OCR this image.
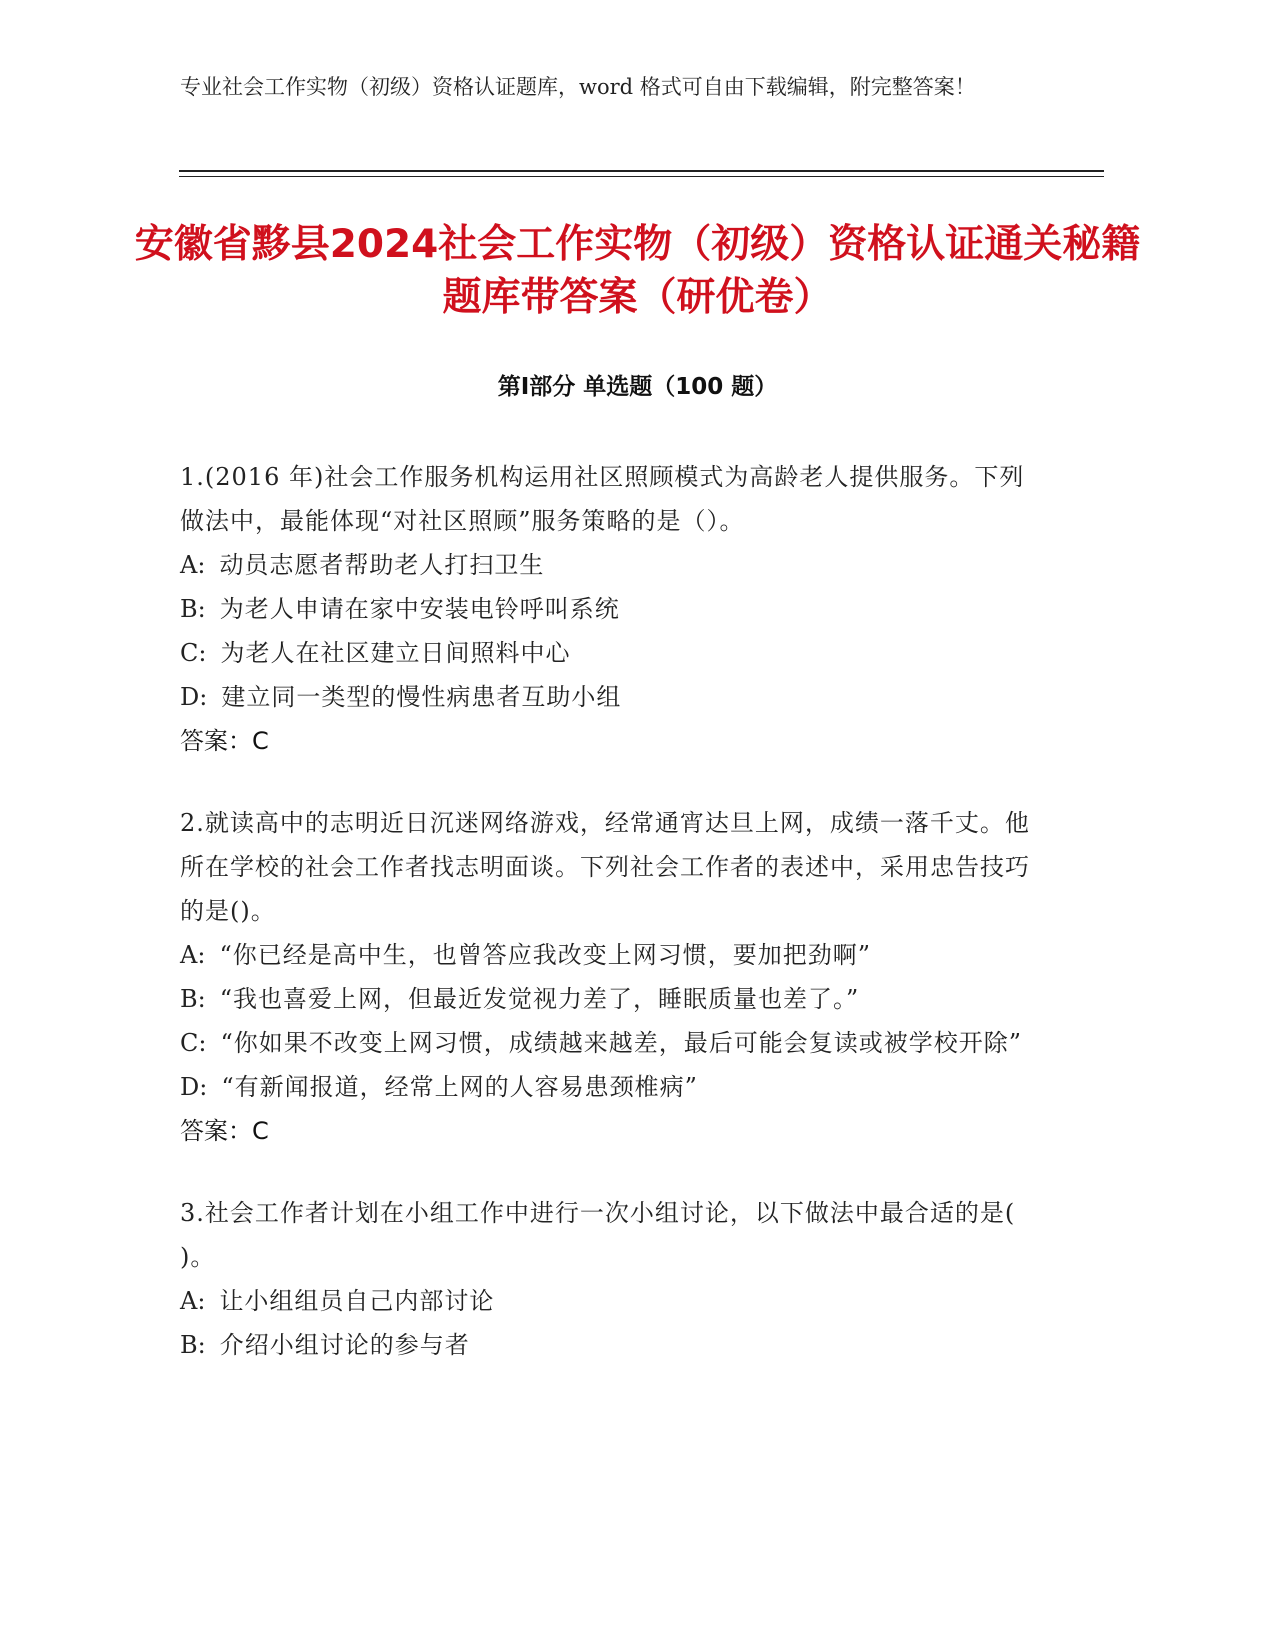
专业社会工作实物（初级）资格认证题库，word 格式可自由下载编辑，附完整答案！
安徽省黟县2024社会工作实物（初级）资格认证通关秘籍题库带答案（研优卷）
第Ⅰ部分 单选题（100 题）
1.(2016 年)社会工作服务机构运用社区照顾模式为高龄老人提供服务。下列做法中，最能体现“对社区照顾”服务策略的是（）。
A : 动员志愿者帮助老人打扫卫生
B : 为老人申请在家中安装电铃呼叫系统
C : 为老人在社区建立日间照料中心
D : 建立同一类型的慢性病患者互助小组
答案：C
2.就读高中的志明近日沉迷网络游戏，经常通宵达旦上网，成绩一落千丈。他所在学校的社会工作者找志明面谈。下列社会工作者的表述中，采用忠告技巧的是()。
A : “你已经是高中生，也曾答应我改变上网习惯，要加把劲啊”
B : “我也喜爱上网，但最近发觉视力差了，睡眠质量也差了。”
C : “你如果不改变上网习惯，成绩越来越差，最后可能会复读或被学校开除”
D : “有新闻报道，经常上网的人容易患颈椎病”
答案：C
3.社会工作者计划在小组工作中进行一次小组讨论，以下做法中最合适的是( )。
A : 让小组组员自己内部讨论
B : 介绍小组讨论的参与者
